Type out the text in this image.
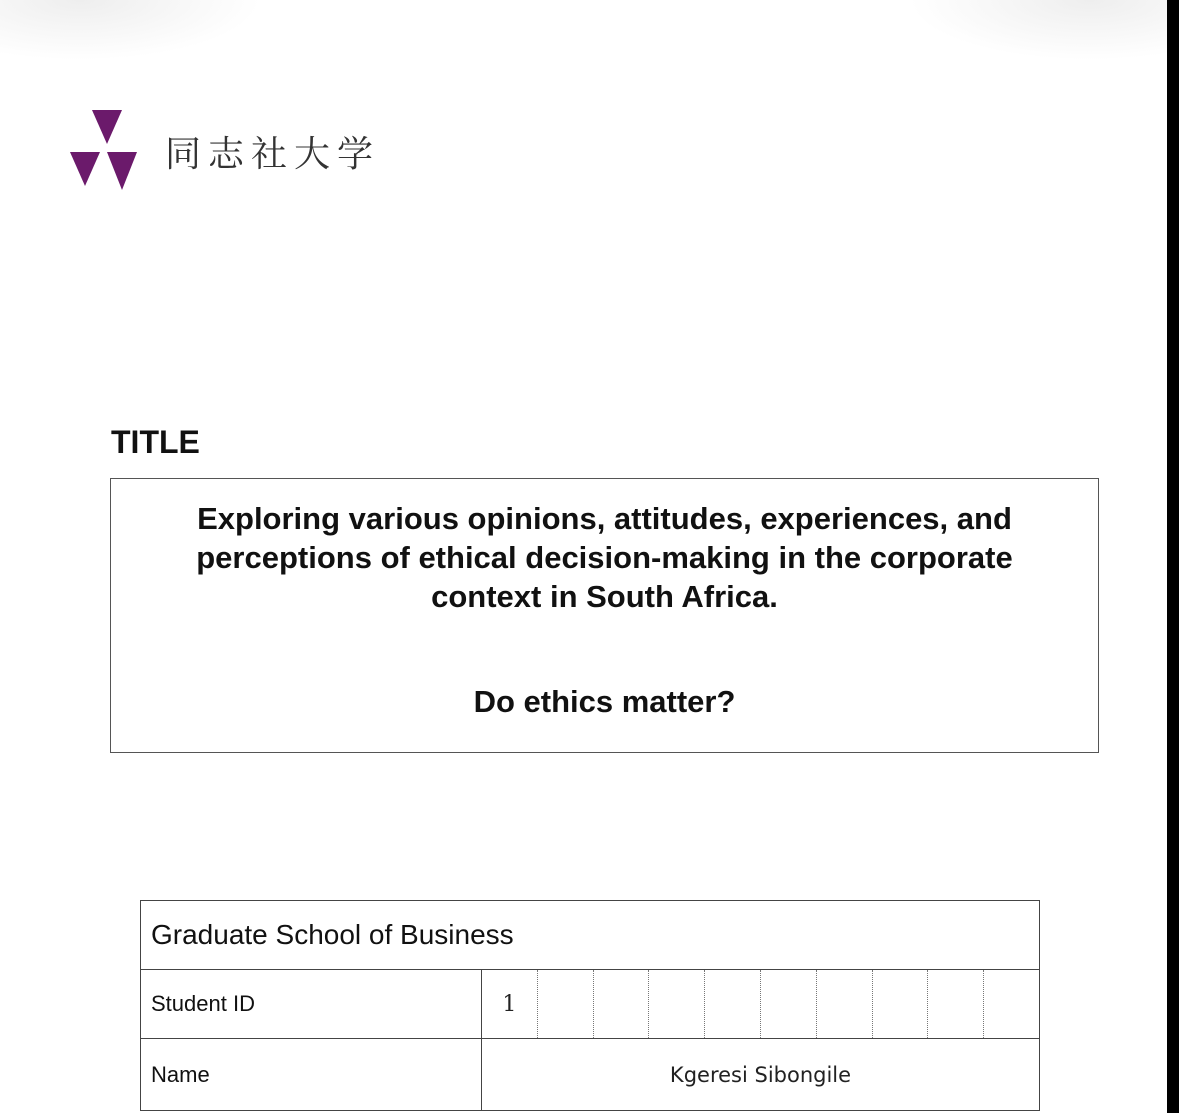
同志社大学
TITLE
Exploring various opinions, attitudes, experiences, and perceptions of ethical decision-making in the corporate context in South Africa.
Do ethics matter?
Graduate School of Business	
Student ID	1

Name	Kgeresi Sibongile
